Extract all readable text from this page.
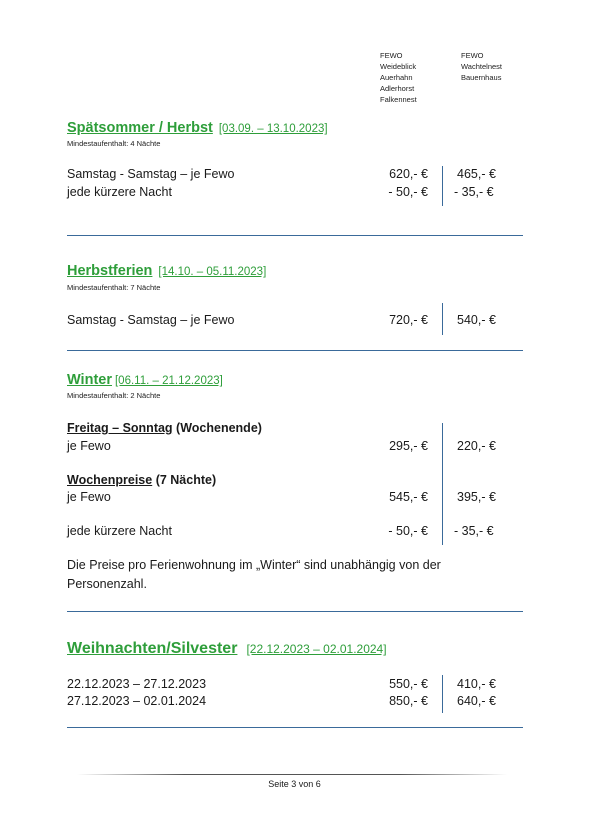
FEWO
Weideblick
Auerhahn
Adlerhorst
Falkennest
FEWO
Wachtelnest
Bauernhaus
Spätsommer / Herbst [03.09. – 13.10.2023]
Mindestaufenthalt: 4 Nächte
Samstag - Samstag – je Fewo	620,- € 465,- €
jede kürzere Nacht	- 50,- € - 35,- €
Herbstferien [14.10. – 05.11.2023]
Mindestaufenthalt: 7 Nächte
Samstag - Samstag – je Fewo	720,- € 540,- €
Winter [06.11. – 21.12.2023]
Mindestaufenthalt: 2 Nächte
Freitag – Sonntag (Wochenende)
je Fewo	295,- € 220,- €
Wochenpreise (7 Nächte)
je Fewo	545,- € 395,- €
jede kürzere Nacht	- 50,- € - 35,- €
Die Preise pro Ferienwohnung im „Winter“ sind unabhängig von der Personenzahl.
Weihnachten/Silvester [22.12.2023 – 02.01.2024]
22.12.2023 – 27.12.2023	550,- € 410,- €
27.12.2023 – 02.01.2024	850,- € 640,- €
Seite 3 von 6
